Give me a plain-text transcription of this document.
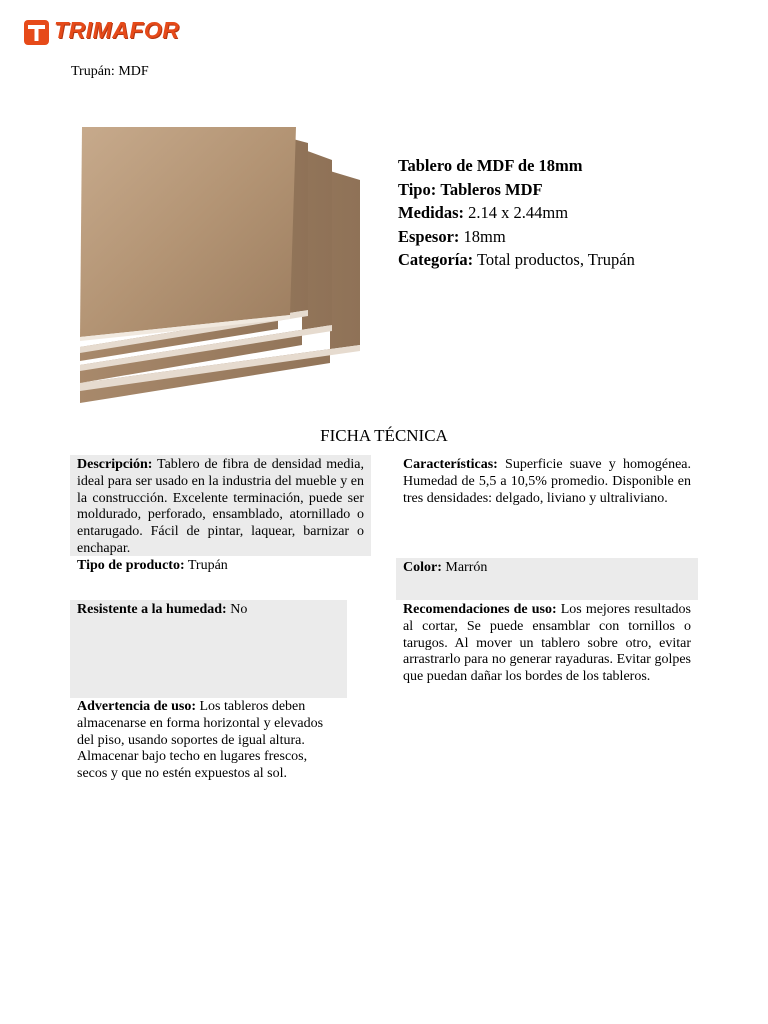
TRIMAFOR
Trupán: MDF
Tablero de MDF de 18mm
Tipo: Tableros MDF
Medidas: 2.14 x 2.44mm
Espesor: 18mm
Categoría: Total productos, Trupán
FICHA TÉCNICA
Descripción: Tablero de fibra de densidad media, ideal para ser usado en la industria del mueble y en la construcción. Excelente terminación, puede ser moldurado, perforado, ensamblado, atornillado o entarugado. Fácil de pintar, laquear, barnizar o enchapar.
Características: Superficie suave y homogénea. Humedad de 5,5 a 10,5% promedio. Disponible en tres densidades: delgado, liviano y ultraliviano.
Tipo de producto: Trupán	Color: Marrón
Resistente a la humedad: No	Recomendaciones de uso: Los mejores resultados al cortar, Se puede ensamblar con tornillos o tarugos. Al mover un tablero sobre otro, evitar arrastrarlo para no generar rayaduras. Evitar golpes que puedan dañar los bordes de los tableros.
Advertencia de uso: Los tableros deben almacenarse en forma horizontal y elevados del piso, usando soportes de igual altura. Almacenar bajo techo en lugares frescos, secos y que no estén expuestos al sol.
